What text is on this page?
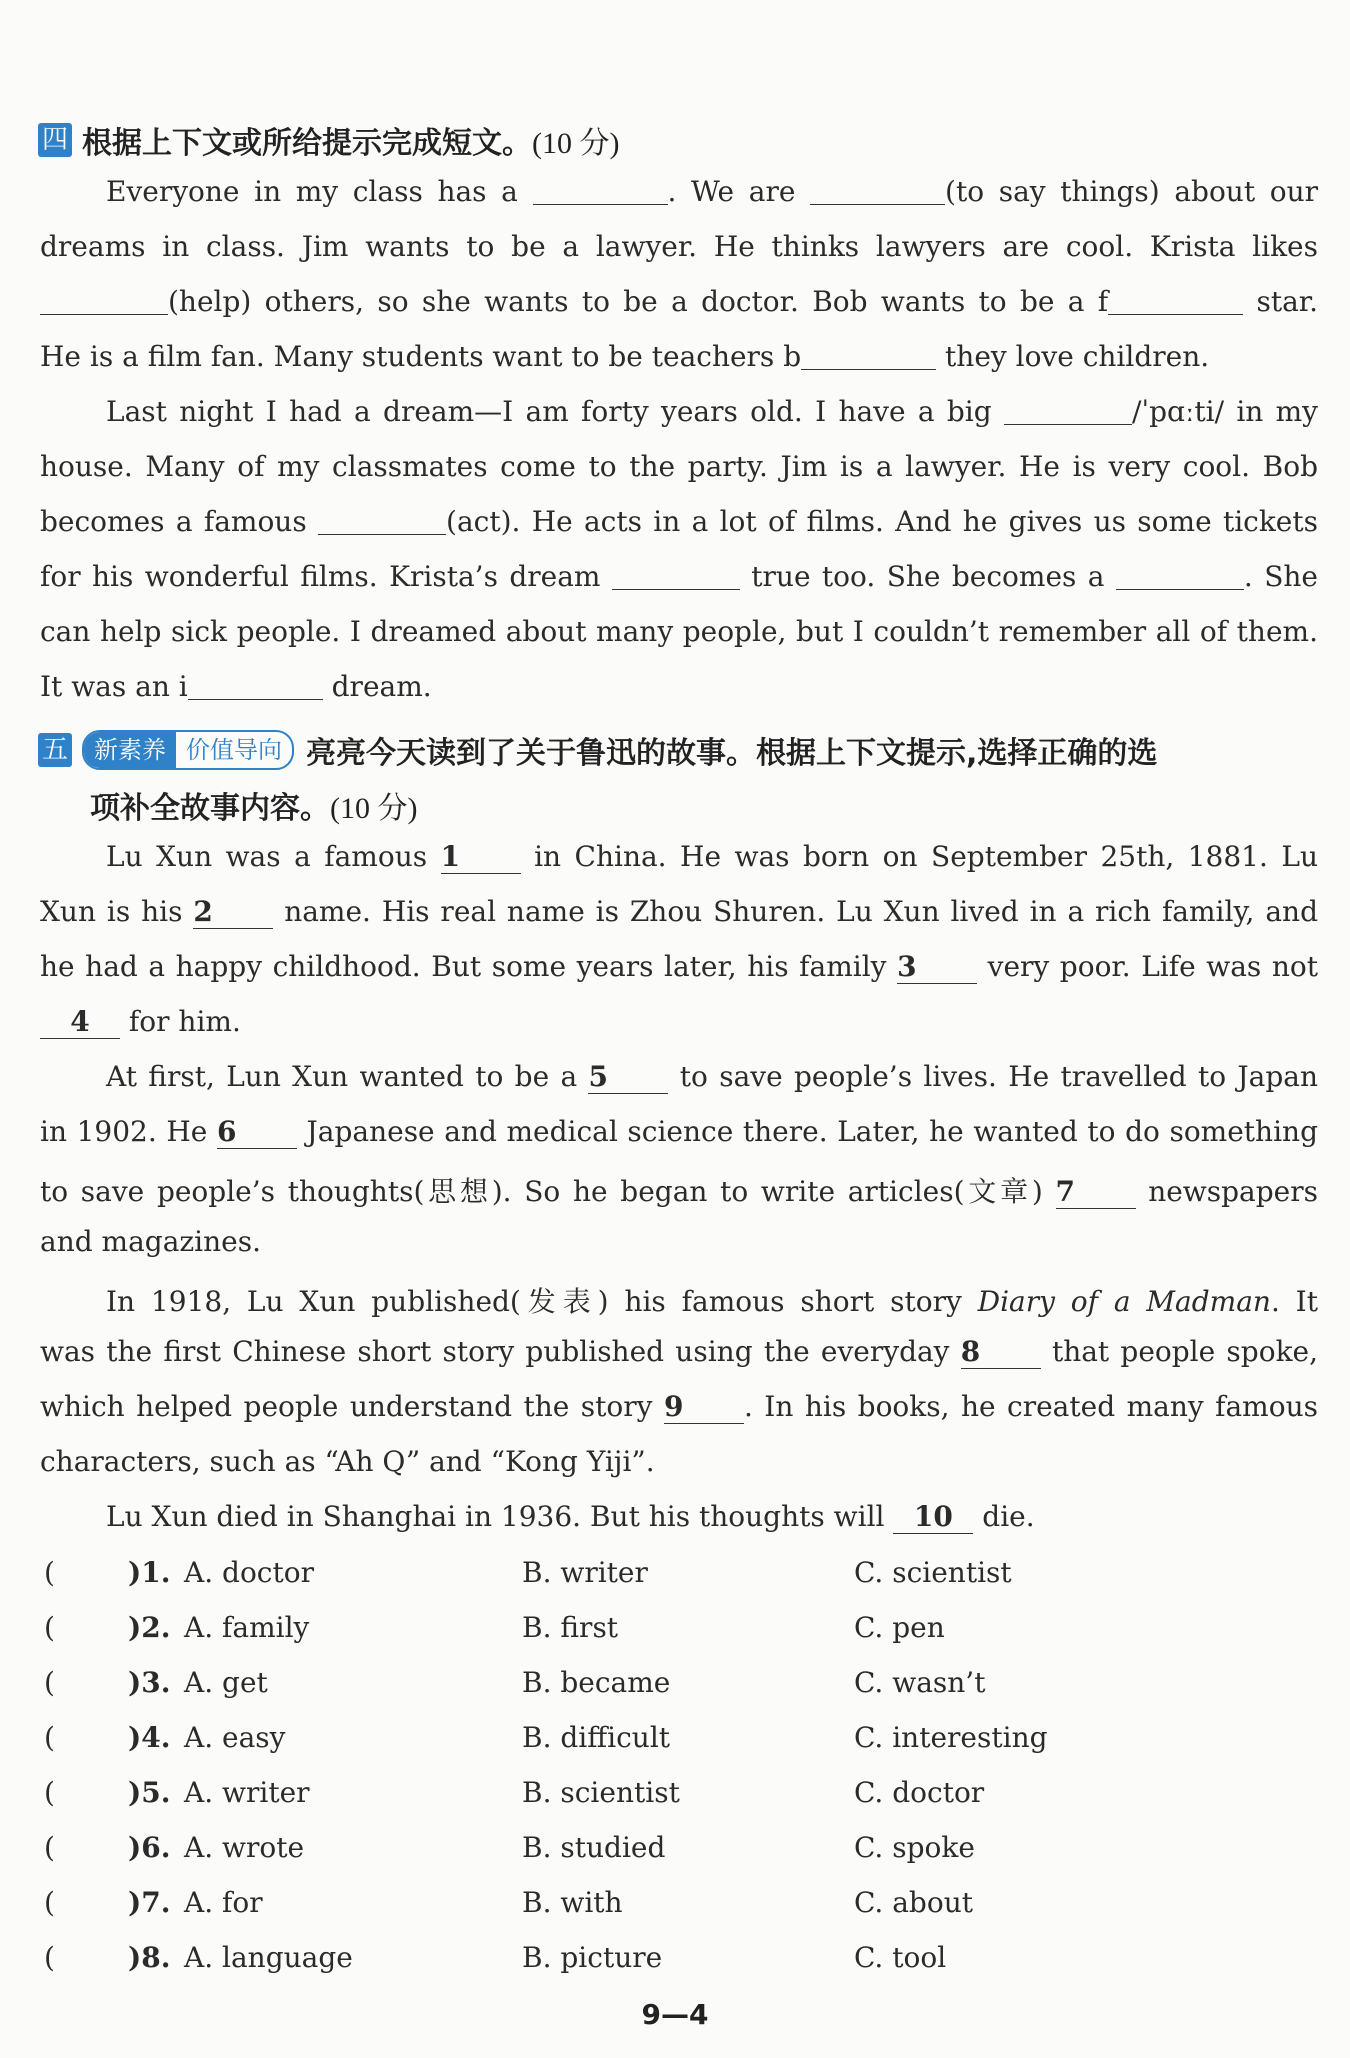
四 根据上下文或所给提示完成短文。 (10 分)
Everyone in my class has a	. We are	(to say things) about our
dreams in class. Jim wants to be a lawyer. He thinks lawyers are cool. Krista likes
(help) others, so she wants to be a doctor. Bob wants to be a f	star.
He is a film fan. Many students want to be teachers b	they love children.
Last night I had a dream—I am forty years old. I have a big	/ˈpɑːti/ in my
house. Many of my classmates come to the party. Jim is a lawyer. He is very cool. Bob
becomes a famous	(act). He acts in a lot of films. And he gives us some tickets
for his wonderful films. Krista’s dream	true too. She becomes a	. She
can help sick people. I dreamed about many people, but I couldn’t remember all of them.
It was an i	dream.
五	新素养 价值导向 亮亮今天读到了关于鲁迅的故事。根据上下文提示,选择正确的选
项补全故事内容。 (10 分)
Lu Xun was a famous 1 in China. He was born on September 25th, 1881. Lu
Xun is his 2 name. His real name is Zhou Shuren. Lu Xun lived in a rich family, and
he had a happy childhood. But some years later, his family 3 very poor. Life was not
4 for him.
At first, Lun Xun wanted to be a 5 to save people’s lives. He travelled to Japan
in 1902. He 6 Japanese and medical science there. Later, he wanted to do something
to save people’s thoughts(思想). So he began to write articles(文章) 7 newspapers
and magazines.
In 1918, Lu Xun published(发表) his famous short story Diary of a Madman. It
was the first Chinese short story published using the everyday 8 that people spoke,
which helped people understand the story 9 . In his books, he created many famous
characters, such as “Ah Q” and “Kong Yiji”.
Lu Xun died in Shanghai in 1936. But his thoughts will 10 die.
(	)1. A. doctor	B. writer	C. scientist
(	)2. A. family	B. first	C. pen
(	)3. A. get	B. became	C. wasn’t
(	)4. A. easy	B. difficult	C. interesting
(	)5. A. writer	B. scientist	C. doctor
(	)6. A. wrote	B. studied	C. spoke
(	)7. A. for	B. with	C. about
(	)8. A. language	B. picture	C. tool
9—4
